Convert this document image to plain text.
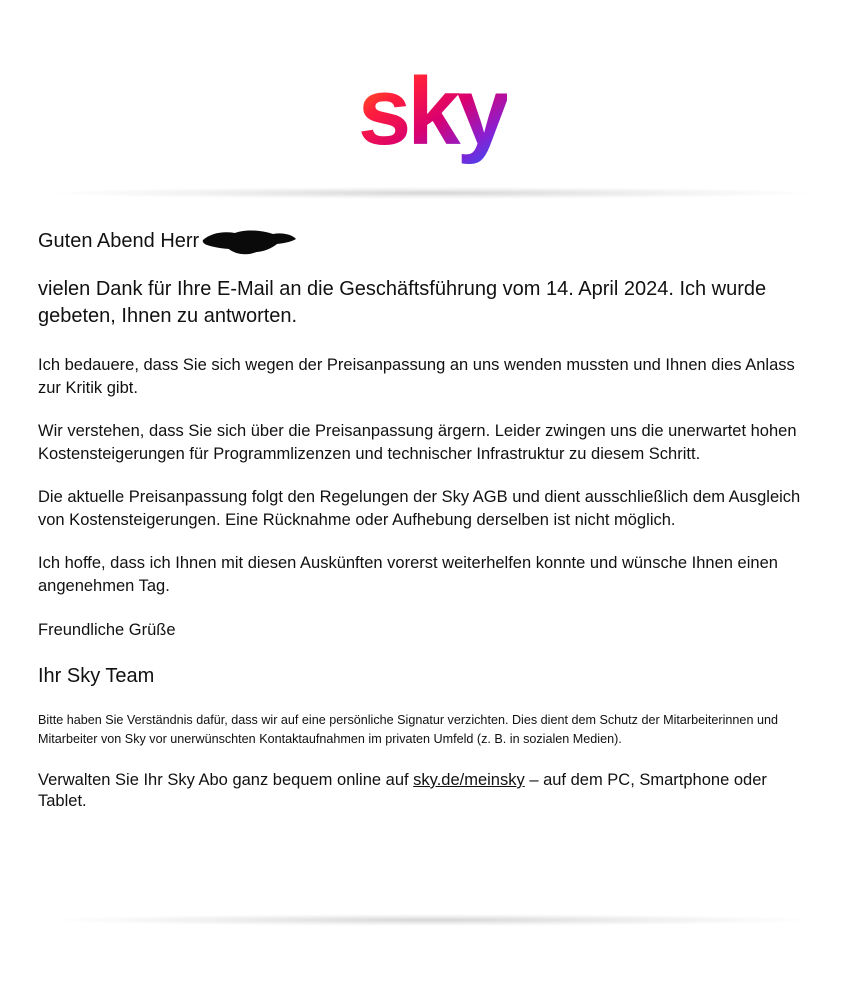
sky
Guten Abend Herr

vielen Dank für Ihre E-Mail an die Geschäftsführung vom 14. April 2024. Ich wurde gebeten, Ihnen zu antworten.

Ich bedauere, dass Sie sich wegen der Preisanpassung an uns wenden mussten und Ihnen dies Anlass zur Kritik gibt.

Wir verstehen, dass Sie sich über die Preisanpassung ärgern. Leider zwingen uns die unerwartet hohen Kostensteigerungen für Programmlizenzen und technischer Infrastruktur zu diesem Schritt.

Die aktuelle Preisanpassung folgt den Regelungen der Sky AGB und dient ausschließlich dem Ausgleich von Kostensteigerungen. Eine Rücknahme oder Aufhebung derselben ist nicht möglich.

Ich hoffe, dass ich Ihnen mit diesen Auskünften vorerst weiterhelfen konnte und wünsche Ihnen einen angenehmen Tag.

Freundliche Grüße

Ihr Sky Team

Bitte haben Sie Verständnis dafür, dass wir auf eine persönliche Signatur verzichten. Dies dient dem Schutz der Mitarbeiterinnen und Mitarbeiter von Sky vor unerwünschten Kontaktaufnahmen im privaten Umfeld (z. B. in sozialen Medien).

Verwalten Sie Ihr Sky Abo ganz bequem online auf sky.de/meinsky – auf dem PC, Smartphone oder Tablet.
